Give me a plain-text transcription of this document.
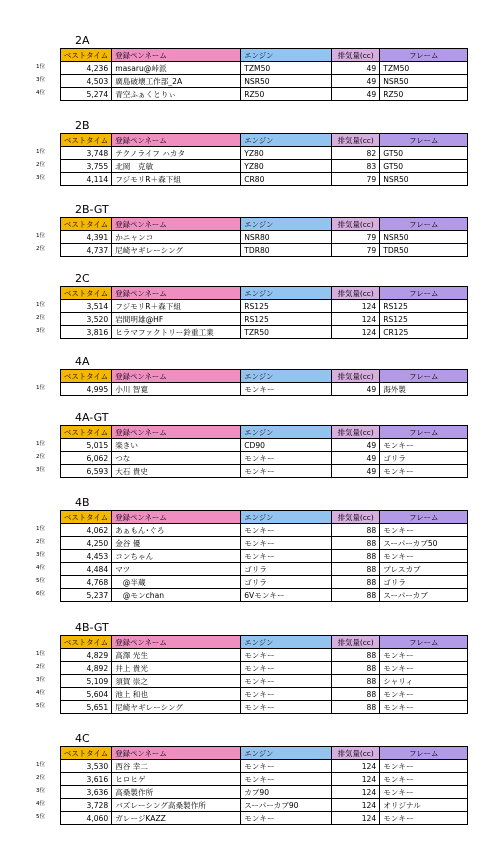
2A
1位
3位
4位
ベストタイム	登録ペンネーム	エンジン	排気量(cc)	フレーム
4,236	masaru@峠派	TZM50	49	TZM50
4,503	廣島破壊工作部_2A	NSR50	49	NSR50
5,274	青空ふぁくとりぃ	RZ50	49	RZ50
2B
1位
2位
3位
ベストタイム	登録ペンネーム	エンジン	排気量(cc)	フレーム
3,748	テクノライフ ハカタ	YZ80	82	GT50
3,755	北岡　克敏	YZ80	83	GT50
4,114	フジモリR＋森下組	CR80	79	NSR50
2B-GT
1位
2位
ベストタイム	登録ペンネーム	エンジン	排気量(cc)	フレーム
4,391	かニャンコ	NSR80	79	NSR50
4,737	尼崎ヤギレーシング	TDR80	79	TDR50
2C
1位
2位
3位
ベストタイム	登録ペンネーム	エンジン	排気量(cc)	フレーム
3,514	フジモリR＋森下組	RS125	124	RS125
3,520	岩間明雄@HF	RS125	124	RS125
3,816	ヒラマファクトリー鈴重工業	TZR50	124	CR125
4A
1位
ベストタイム	登録ペンネーム	エンジン	排気量(cc)	フレーム
4,995	小川 智寛	モンキー	49	海外製
4A-GT
1位
2位
3位
ベストタイム	登録ペンネーム	エンジン	排気量(cc)	フレーム
5,015	楽きい	CD90	49	モンキー
6,062	つな	モンキー	49	ゴリラ
6,593	大石 貴史	モンキー	49	モンキー
4B
1位
2位
3位
4位
5位
6位
ベストタイム	登録ペンネーム	エンジン	排気量(cc)	フレーム
4,062	あぁもん･ぐろ	モンキー	88	モンキー
4,250	金谷 優	モンキー	88	スーパーカブ50
4,453	コンちゃん	モンキー	88	モンキー
4,484	マツ	ゴリラ	88	プレスカブ
4,768	　@半蔵	ゴリラ	88	ゴリラ
5,237	　@モンchan	6Vモンキー	88	スーパーカブ
4B-GT
1位
2位
3位
4位
5位
ベストタイム	登録ペンネーム	エンジン	排気量(cc)	フレーム
4,829	高澤 光生	モンキー	88	モンキー
4,892	井上 貴光	モンキー	88	モンキー
5,109	須賀 崇之	モンキー	88	シャリィ
5,604	池上 和也	モンキー	88	モンキー
5,651	尼崎ヤギレーシング	モンキー	88	モンキー
4C
1位
2位
3位
4位
5位
ベストタイム	登録ペンネーム	エンジン	排気量(cc)	フレーム
3,530	西谷 幸二	モンキー	124	モンキー
3,616	ヒロヒゲ	モンキー	124	モンキー
3,636	高桑製作所	カブ90	124	モンキー
3,728	バズレーシング高桑製作所	スーパーカブ90	124	オリジナル
4,060	ガレージKAZZ	モンキー	124	モンキー
